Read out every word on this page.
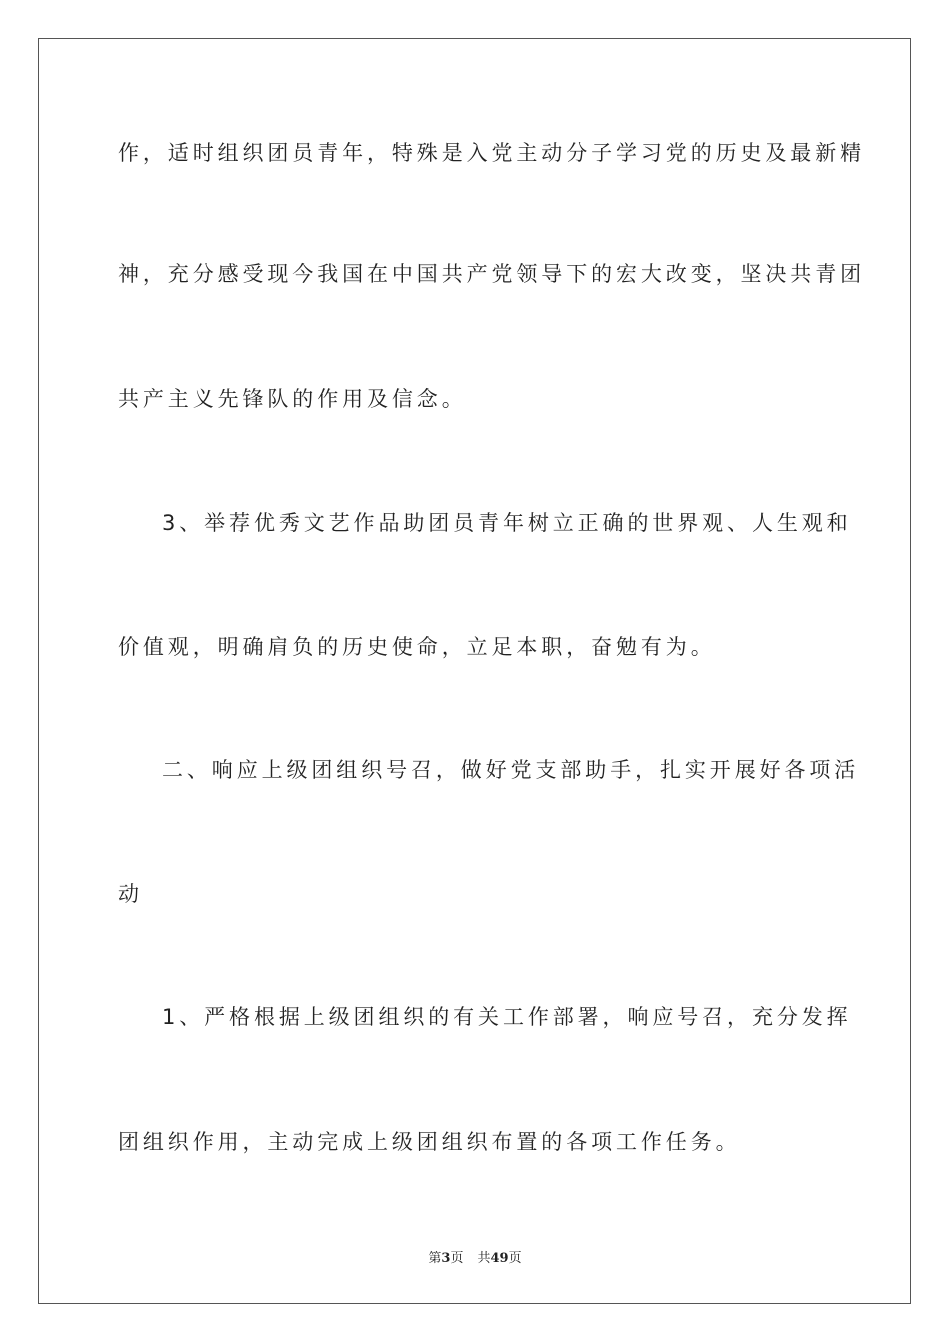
作，适时组织团员青年，特殊是入党主动分子学习党的历史及最新精
神，充分感受现今我国在中国共产党领导下的宏大改变，坚决共青团
共产主义先锋队的作用及信念。
3、举荐优秀文艺作品助团员青年树立正确的世界观、人生观和
价值观，明确肩负的历史使命，立足本职，奋勉有为。
二、响应上级团组织号召，做好党支部助手，扎实开展好各项活
动
1、严格根据上级团组织的有关工作部署，响应号召，充分发挥
团组织作用，主动完成上级团组织布置的各项工作任务。
第3页 共49页
